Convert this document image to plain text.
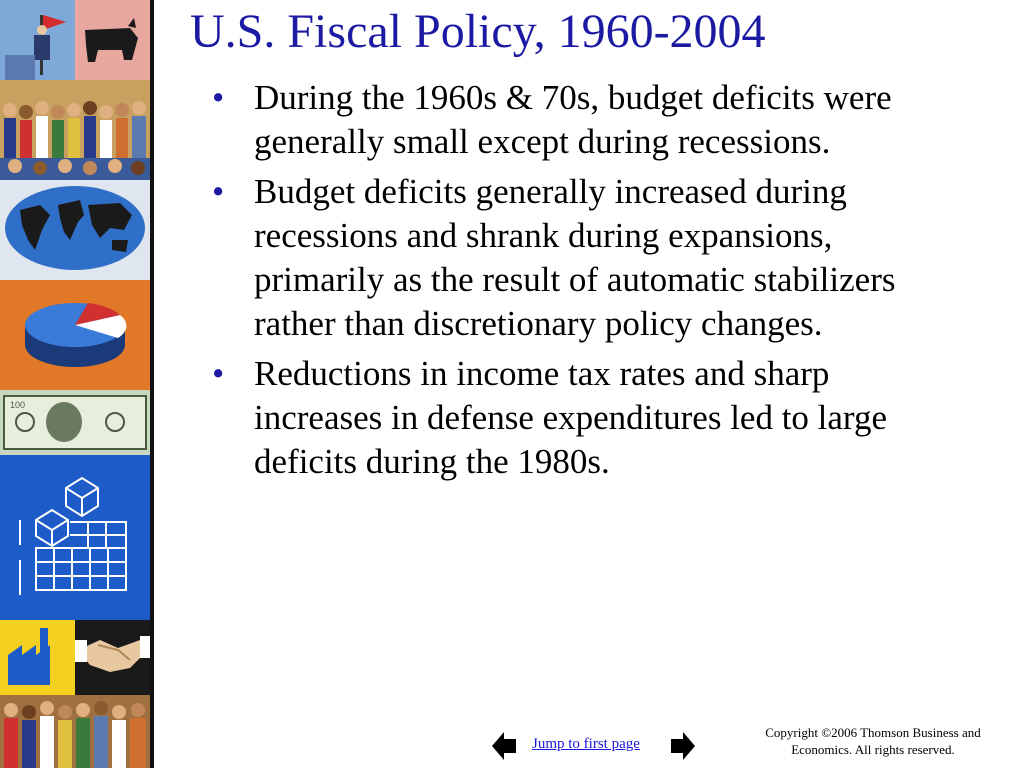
100
U.S. Fiscal Policy, 1960-2004
• During the 1960s & 70s, budget deficits were generally small except during recessions.
• Budget deficits generally increased during recessions and shrank during expansions, primarily as the result of automatic stabilizers rather than discretionary policy changes.
• Reductions in income tax rates and sharp increases in defense expenditures led to large deficits during the 1980s.
Jump to first page
Copyright ©2006 Thomson Business and
Economics. All rights reserved.
